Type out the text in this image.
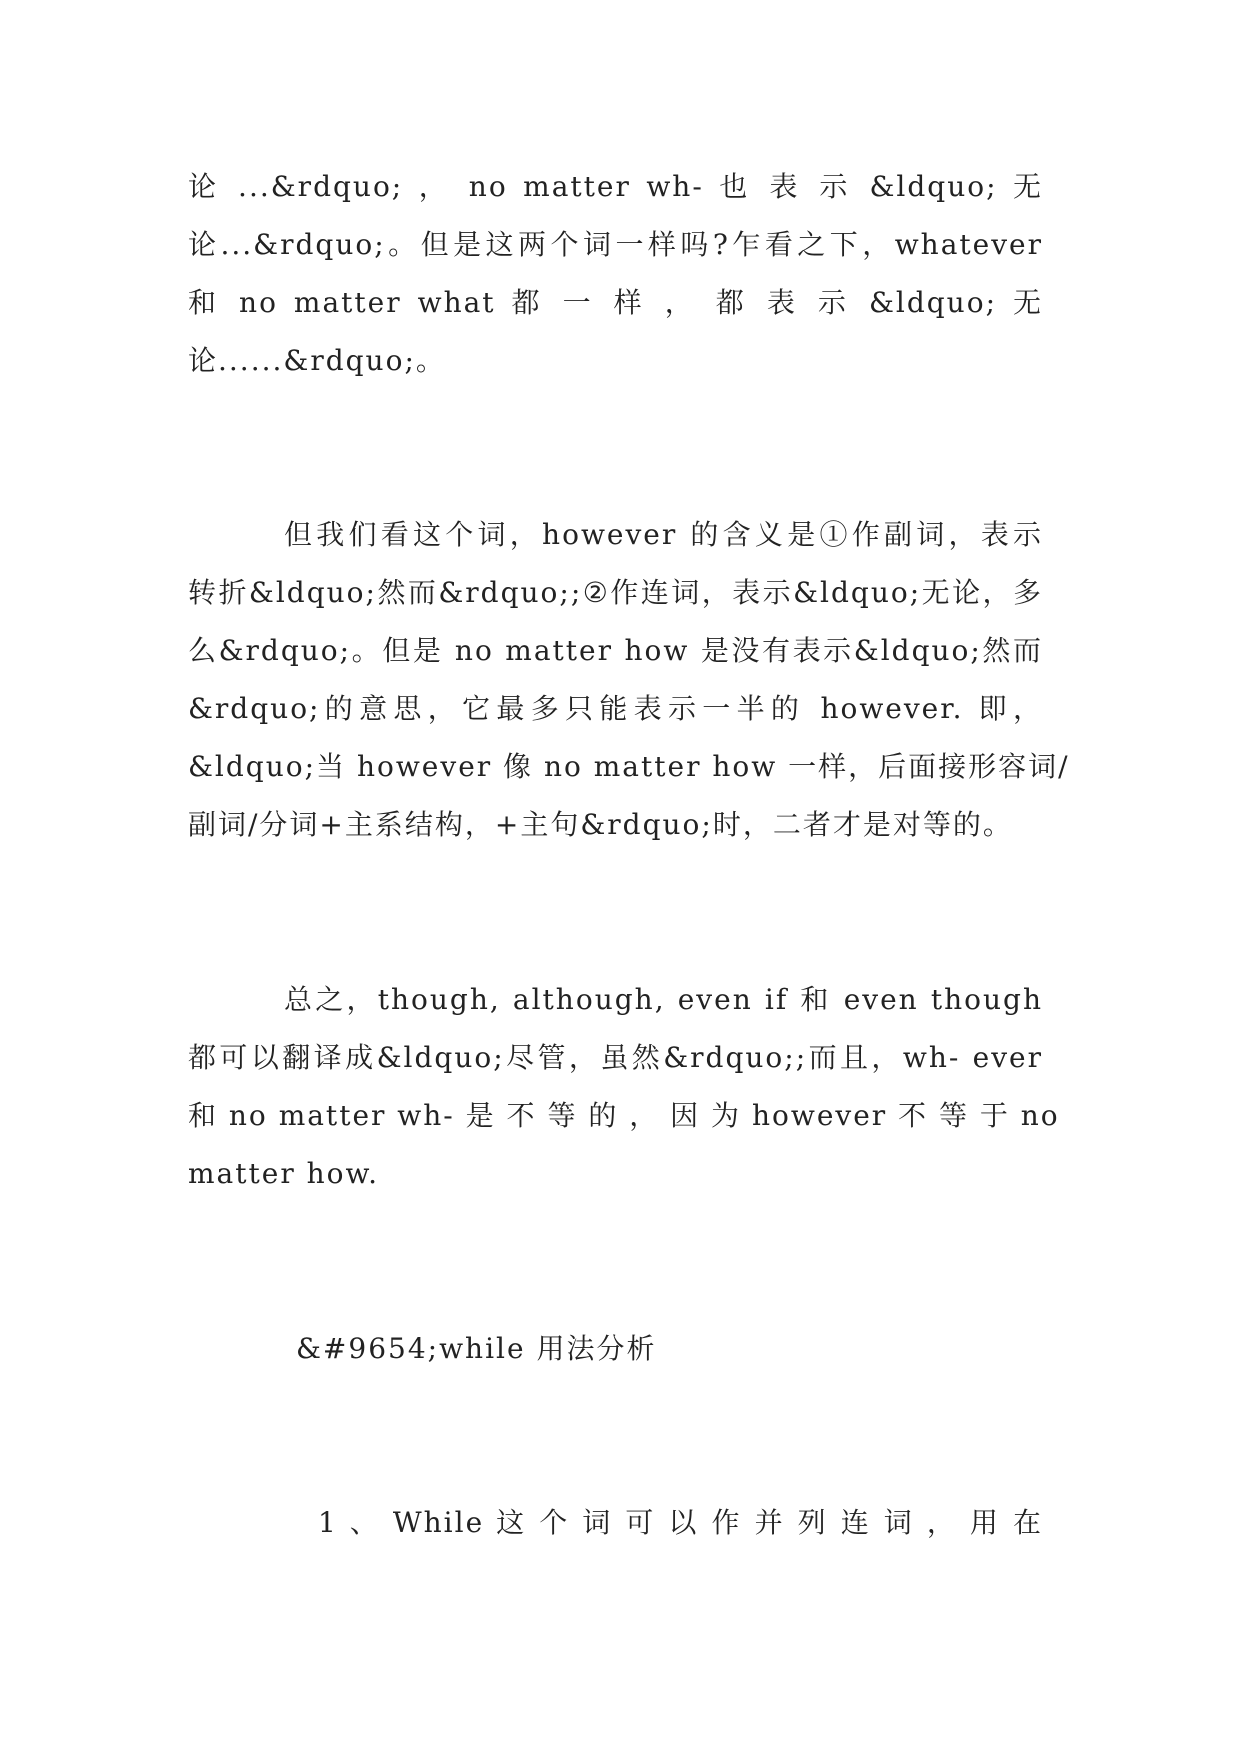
论 ...&rdquo; ， no matter wh- 也 表 示 &ldquo; 无
论...&rdquo;。但是这两个词一样吗?乍看之下，whatever
和 no matter what 都 一 样 ， 都 表 示 &ldquo; 无
论......&rdquo;。
但我们看这个词，however 的含义是①作副词，表示
转折&ldquo;然而&rdquo;;②作连词，表示&ldquo;无论，多
么&rdquo;。但是 no matter how 是没有表示&ldquo;然而
&rdquo;的意思，它最多只能表示一半的 however. 即，
&ldquo;当 however 像 no matter how 一样，后面接形容词/
副词/分词+主系结构，+主句&rdquo;时，二者才是对等的。
总之，though, although, even if 和 even though
都可以翻译成&ldquo;尽管，虽然&rdquo;;而且，wh- ever
和 no matter wh- 是 不 等 的 ， 因 为 however 不 等 于 no
matter how.
&#9654;while 用法分析
1 、 While 这 个 词 可 以 作 并 列 连 词 ， 用 在
